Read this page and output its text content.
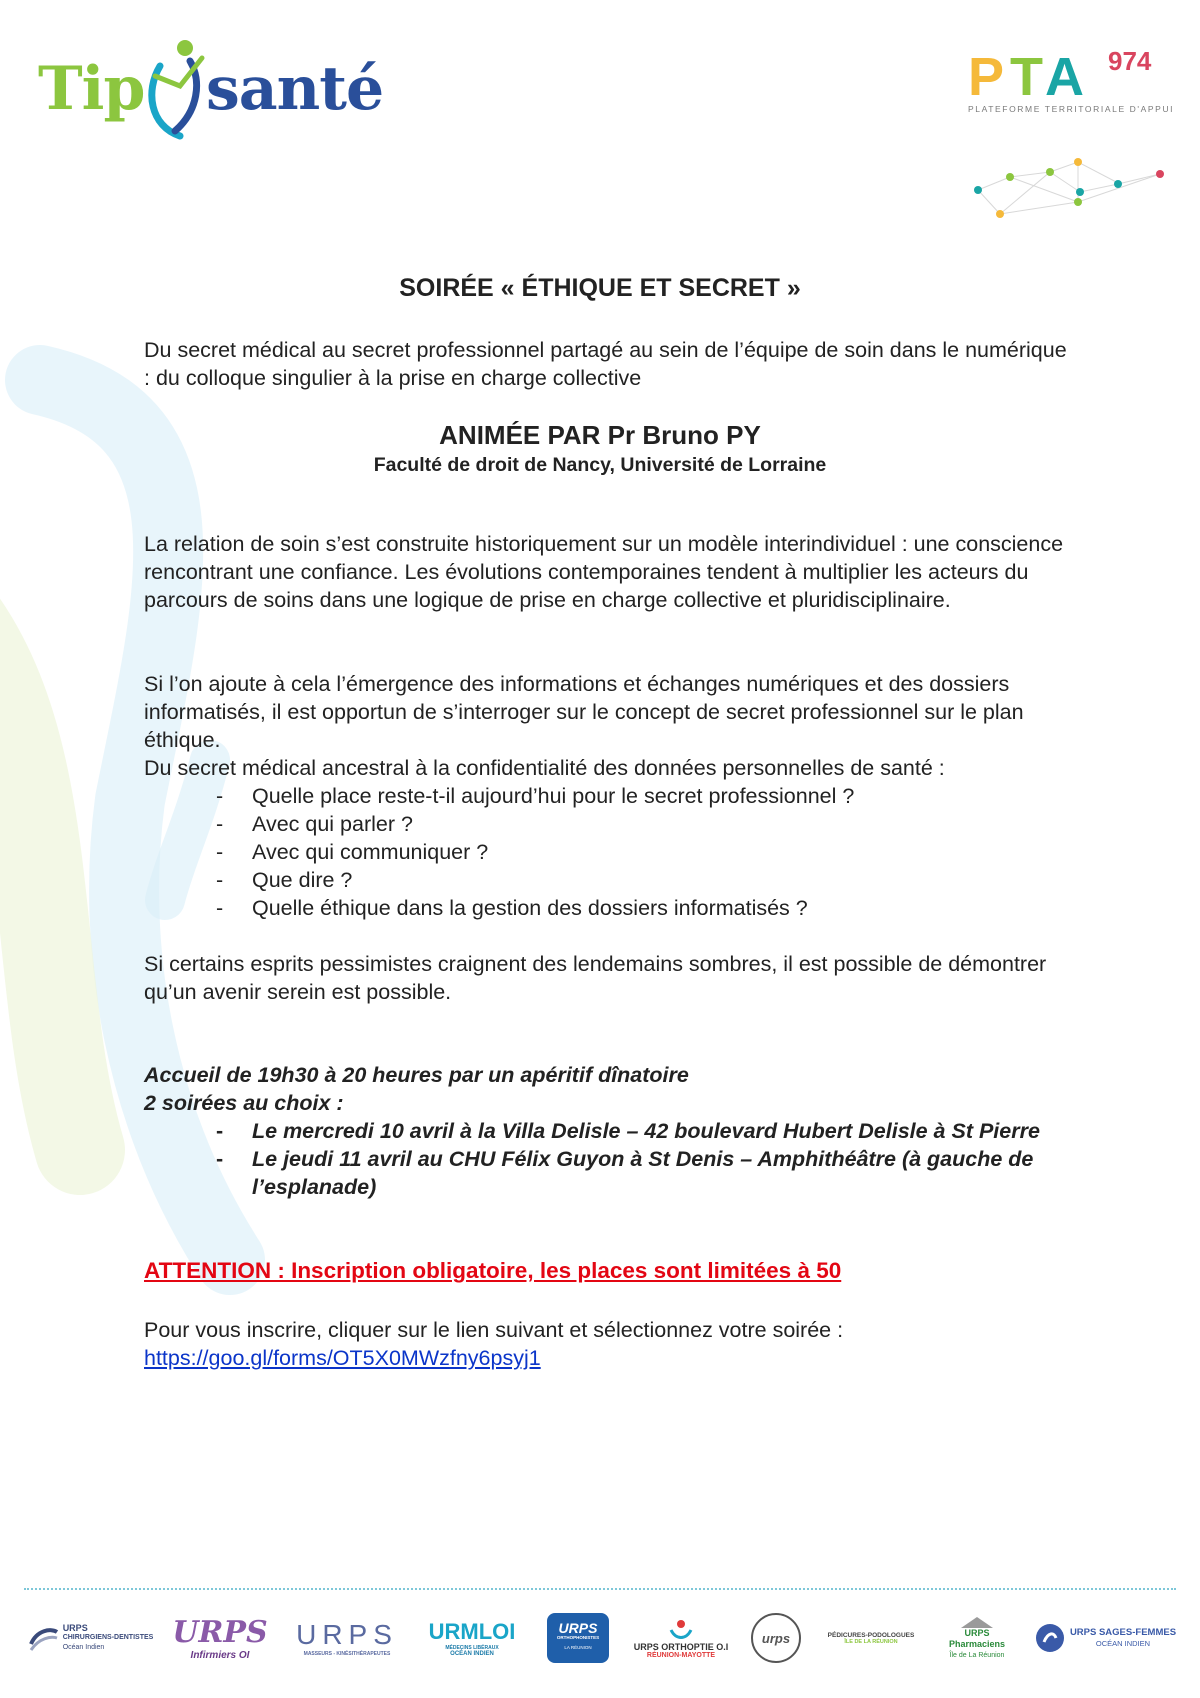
Tip santé	PTA 974
PLATEFORME TERRITORIALE D'APPUI
SOIRÉE « ÉTHIQUE ET SECRET »
Du secret médical au secret professionnel partagé au sein de l’équipe de soin dans le numérique : du colloque singulier à la prise en charge collective
ANIMÉE PAR Pr Bruno PY
Faculté de droit de Nancy, Université de Lorraine
La relation de soin s’est construite historiquement sur un modèle interindividuel : une conscience rencontrant une confiance. Les évolutions contemporaines tendent à multiplier les acteurs du parcours de soins dans une logique de prise en charge collective et pluridisciplinaire.
Si l’on ajoute à cela l’émergence des informations et échanges numériques et des dossiers informatisés, il est opportun de s’interroger sur le concept de secret professionnel sur le plan éthique.
Du secret médical ancestral à la confidentialité des données personnelles de santé :
- Quelle place reste-t-il aujourd’hui pour le secret professionnel ?
- Avec qui parler ?
- Avec qui communiquer ?
- Que dire ?
- Quelle éthique dans la gestion des dossiers informatisés ?
Si certains esprits pessimistes craignent des lendemains sombres, il est possible de démontrer qu’un avenir serein est possible.
Accueil de 19h30 à 20 heures par un apéritif dînatoire
2 soirées au choix :
- Le mercredi 10 avril à la Villa Delisle – 42 boulevard Hubert Delisle à St Pierre
- Le jeudi 11 avril au CHU Félix Guyon à St Denis – Amphithéâtre (à gauche de l’esplanade)
ATTENTION : Inscription obligatoire, les places sont limitées à 50
Pour vous inscrire, cliquer sur le lien suivant et sélectionnez votre soirée :
https://goo.gl/forms/OT5X0MWzfny6psyj1
URPS
CHIRURGIENS-DENTISTES
Océan Indien	URPS
Infirmiers OI
URPS
MASSEURS - KINÉSITHÉRAPEUTES
URMLOI
MÉDECINS LIBÉRAUX
OCÉAN INDIEN
URPS
ORTHOPHONISTES
LA RÉUNION	URPS ORTHOPTIE O.I
RÉUNION-MAYOTTE
urps	PÉDICURES-PODOLOGUES
ÎLE DE LA RÉUNION
URPS
Pharmaciens
Île de La Réunion
URPS SAGES-FEMMES
OCÉAN INDIEN
